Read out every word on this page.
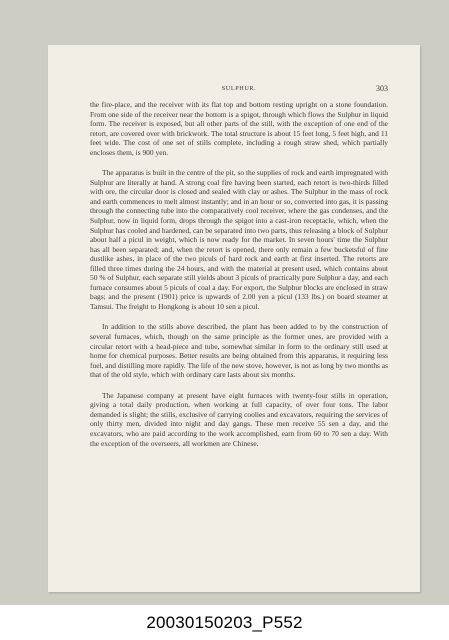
SULPHUR.	303

the fire-place, and the receiver with its flat top and bottom resting upright on a stone foundation. From one side of the receiver near the bottom is a spigot, through which flows the Sulphur in liquid form. The receiver is exposed, but all other parts of the still, with the exception of one end of the retort, are covered over with brickwork. The total structure is about 15 feet long, 5 feet high, and 11 feet wide. The cost of one set of stills complete, including a rough straw shed, which partially encloses them, is 900 yen.

The apparatus is built in the centre of the pit, so the supplies of rock and earth impregnated with Sulphur are literally at hand. A strong coal fire having been started, each retort is two-thirds filled with ore, the circular door is closed and sealed with clay or ashes. The Sulphur in the mass of rock and earth commences to melt almost instantly; and in an hour or so, converted into gas, it is passing through the connecting tube into the comparatively cool receiver, where the gas condenses, and the Sulphur, now in liquid form, drops through the spigot into a cast-iron receptacle, which, when the Sulphur has cooled and hardened, can be separated into two parts, thus releasing a block of Sulphur about half a picul in weight, which is now ready for the market. In seven hours' time the Sulphur has all been separated; and, when the retort is opened, there only remain a few bucketsful of fine dustlike ashes, in place of the two piculs of hard rock and earth at first inserted. The retorts are filled three times during the 24 hours, and with the material at present used, which contains about 50 % of Sulphur, each separate still yields about 3 piculs of practically pure Sulphur a day, and each furnace consumes about 5 piculs of coal a day. For export, the Sulphur blocks are enclosed in straw bags; and the present (1901) price is upwards of 2.00 yen a picul (133 lbs.) on board steamer at Tamsui. The freight to Hongkong is about 10 sen a picul.

In addition to the stills above described, the plant has been added to by the construction of several furnaces, which, though on the same principle as the former ones, are provided with a circular retort with a head-piece and tube, somewhat similar in form to the ordinary still used at home for chemical purposes. Better results are being obtained from this apparatus, it requiring less fuel, and distilling more rapidly. The life of the new stove, however, is not as long by two months as that of the old style, which with ordinary care lasts about six months.

The Japanese company at present have eight furnaces with twenty-four stills in operation, giving a total daily production, when working at full capacity, of over four tons. The labor demanded is slight; the stills, exclusive of carrying coolies and excavators, requiring the services of only thirty men, divided into night and day gangs. These men receive 55 sen a day, and the excavators, who are paid according to the work accomplished, earn from 60 to 70 sen a day. With the exception of the overseers, all workmen are Chinese.

20030150203_P552
